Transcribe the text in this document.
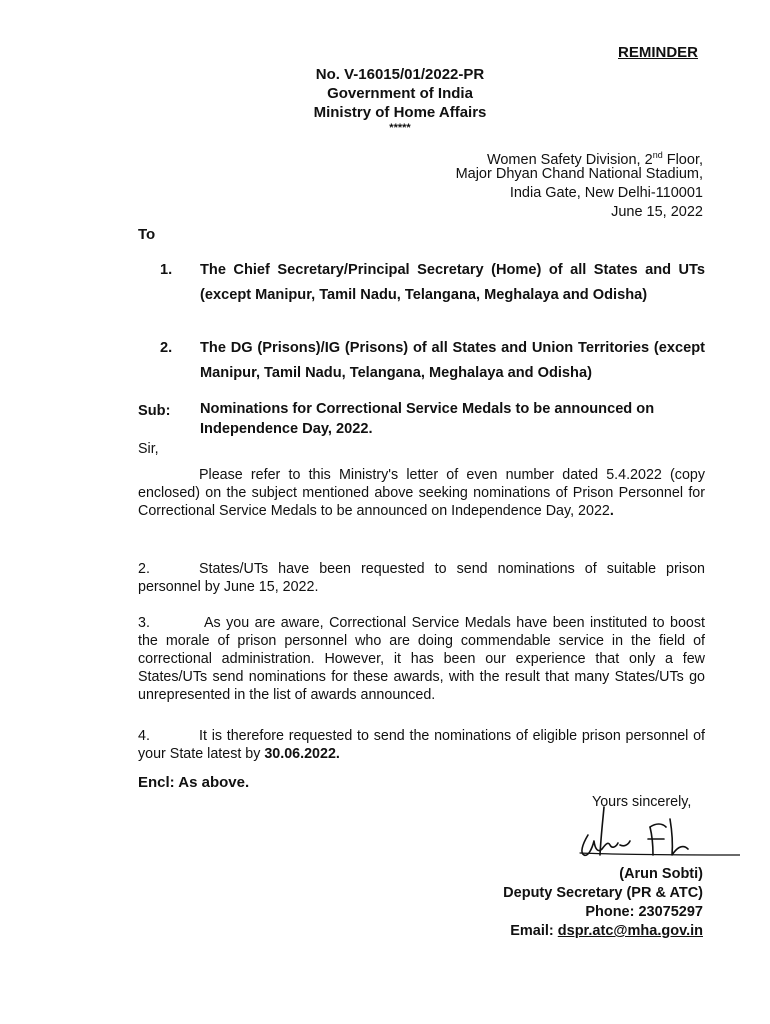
REMINDER
No. V-16015/01/2022-PR
Government of India
Ministry of Home Affairs
*****
Women Safety Division, 2nd Floor,
Major Dhyan Chand National Stadium,
India Gate, New Delhi-110001
June 15, 2022
To
1. The Chief Secretary/Principal Secretary (Home) of all States and UTs (except Manipur, Tamil Nadu, Telangana, Meghalaya and Odisha)
2. The DG (Prisons)/IG (Prisons) of all States and Union Territories (except Manipur, Tamil Nadu, Telangana, Meghalaya and Odisha)
Sub: Nominations for Correctional Service Medals to be announced on Independence Day, 2022.
Sir,
Please refer to this Ministry's letter of even number dated 5.4.2022 (copy enclosed) on the subject mentioned above seeking nominations of Prison Personnel for Correctional Service Medals to be announced on Independence Day, 2022.
2.	States/UTs have been requested to send nominations of suitable prison personnel by June 15, 2022.
3.	As you are aware, Correctional Service Medals have been instituted to boost the morale of prison personnel who are doing commendable service in the field of correctional administration. However, it has been our experience that only a few States/UTs send nominations for these awards, with the result that many States/UTs go unrepresented in the list of awards announced.
4.	It is therefore requested to send the nominations of eligible prison personnel of your State latest by 30.06.2022.
Encl: As above.
Yours sincerely,
(Arun Sobti)
Deputy Secretary (PR & ATC)
Phone: 23075297
Email: dspr.atc@mha.gov.in
